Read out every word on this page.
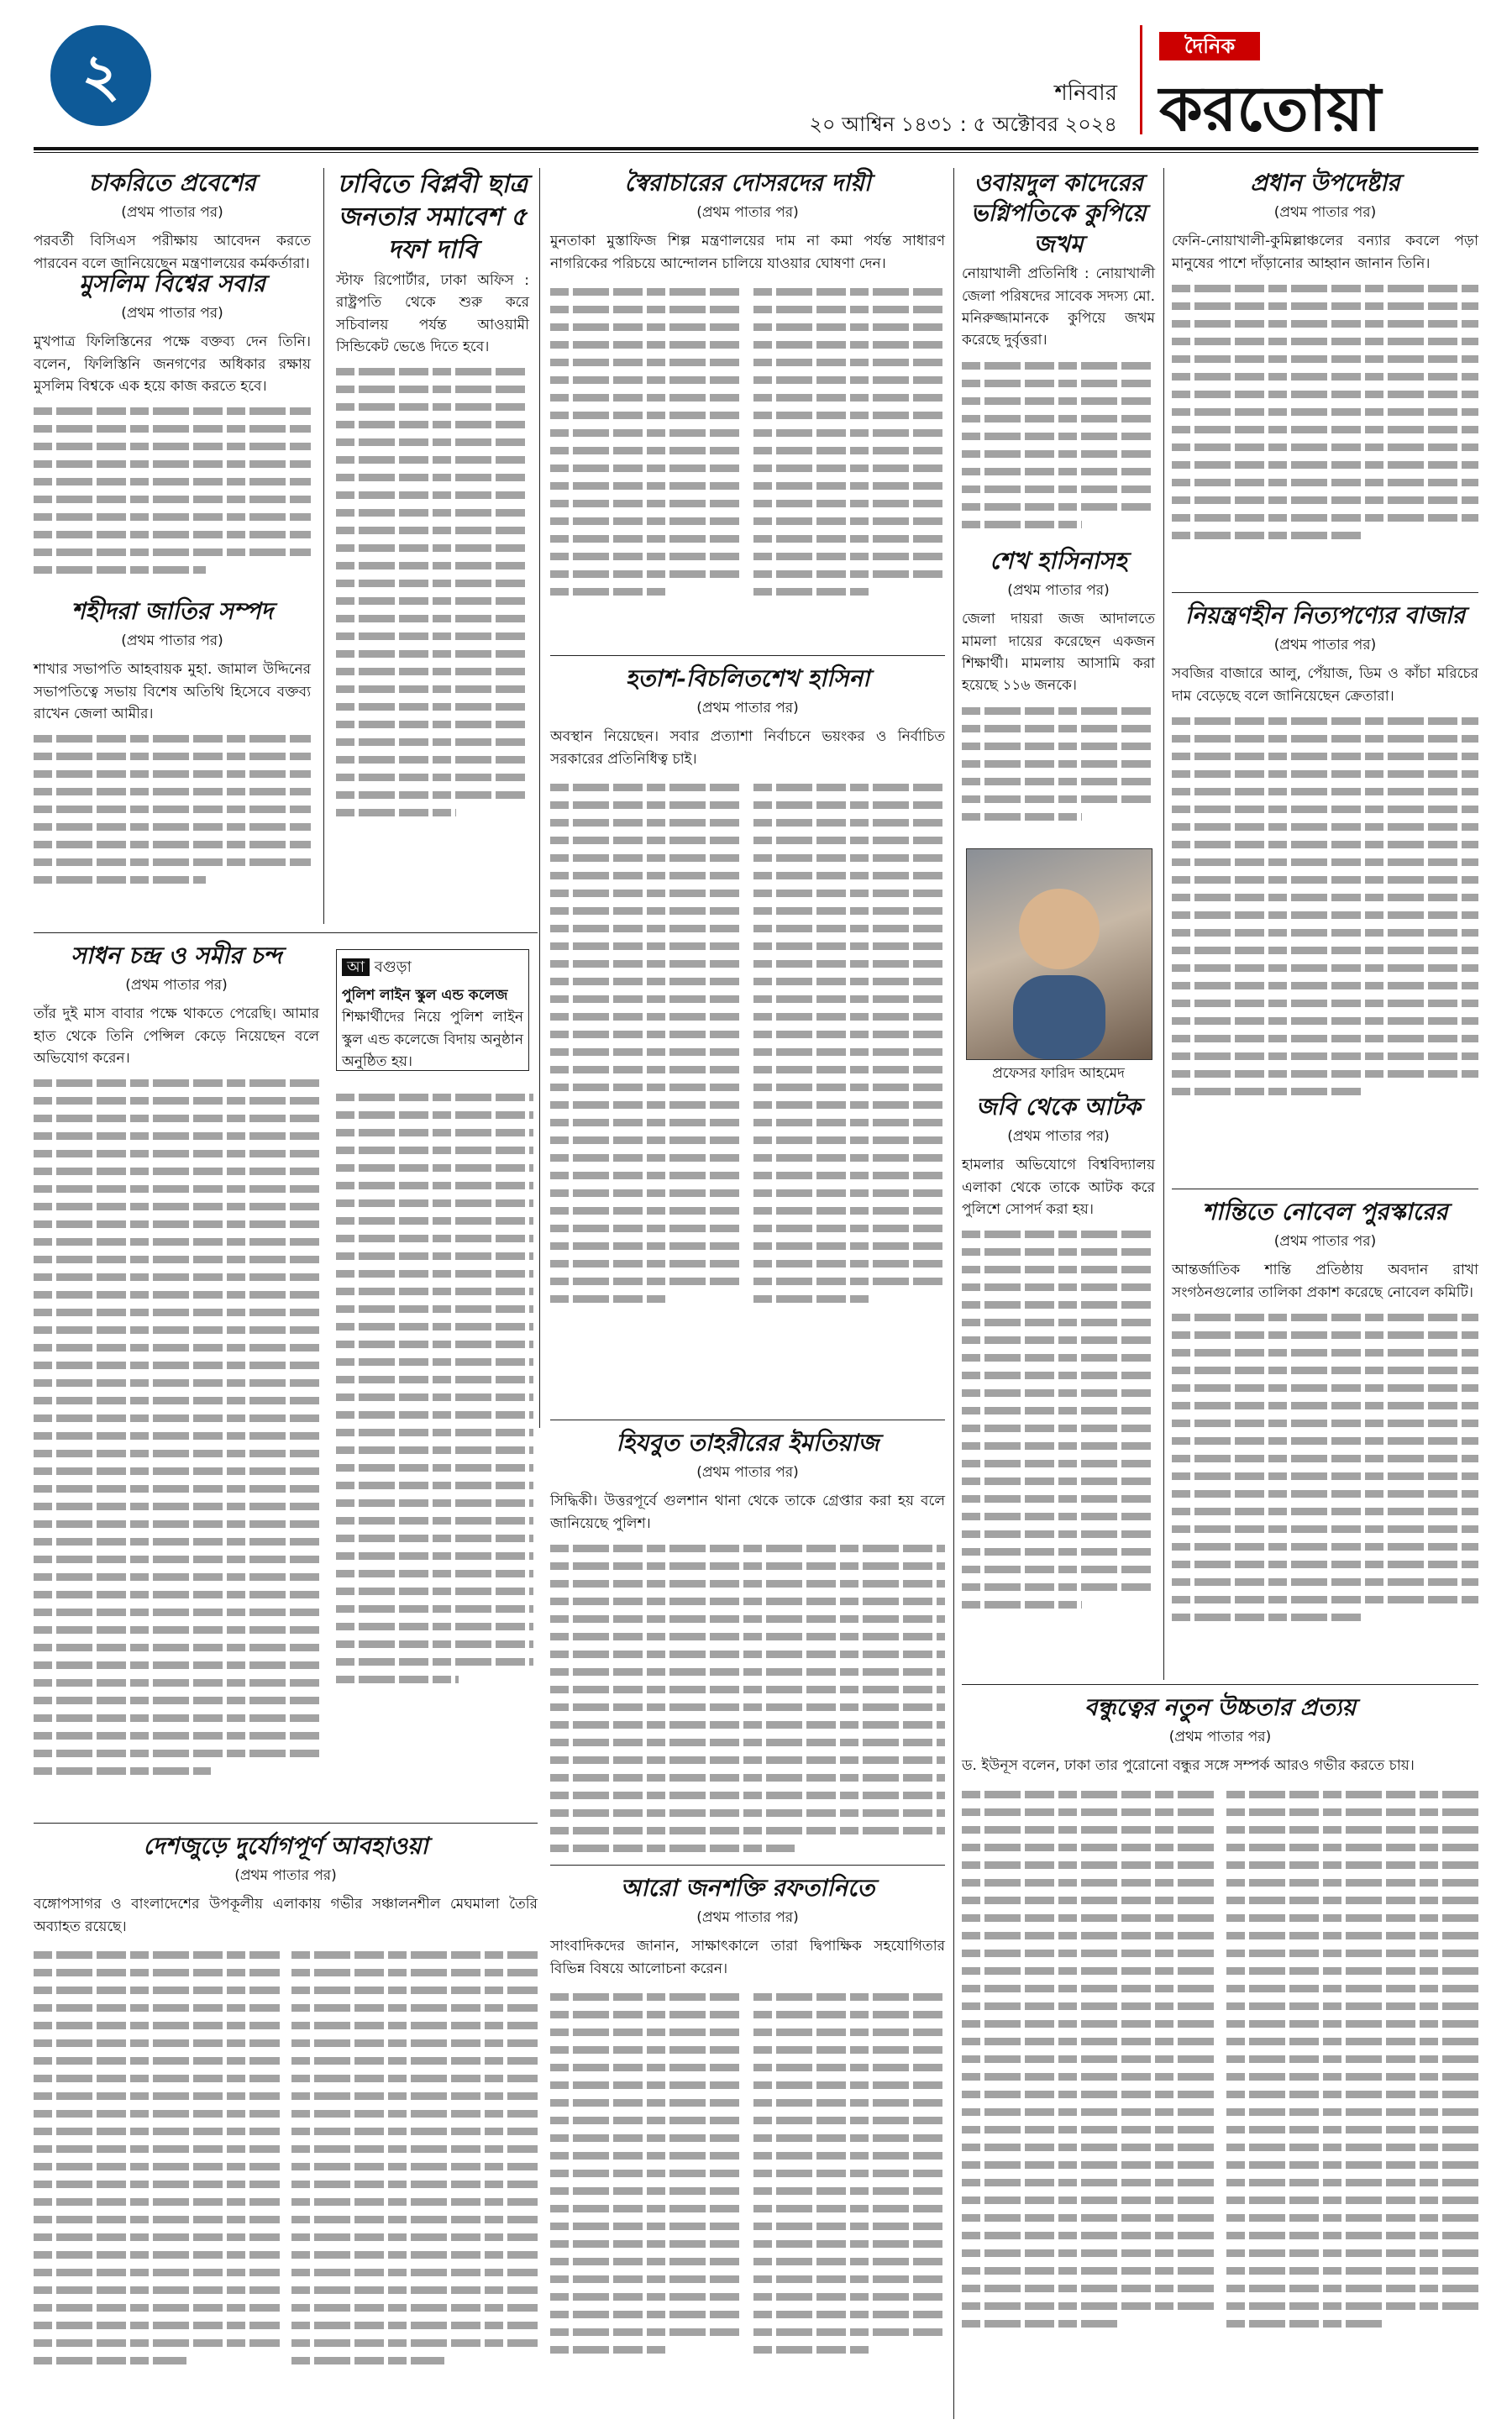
২	শনিবার
২০ আশ্বিন ১৪৩১ : ৫ অক্টোবর ২০২৪
দৈনিক
করতোয়া
চাকরিতে প্রবেশের
(প্রথম পাতার পর)

পরবর্তী বিসিএস পরীক্ষায় আবেদন করতে পারবেন বলে জানিয়েছেন মন্ত্রণালয়ের কর্মকর্তারা।

মুসলিম বিশ্বের সবার
(প্রথম পাতার পর)

মুখপাত্র ফিলিস্তিনের পক্ষে বক্তব্য দেন তিনি। বলেন, ফিলিস্তিনি জনগণের অধিকার রক্ষায় মুসলিম বিশ্বকে এক হয়ে কাজ করতে হবে।

শহীদরা জাতির সম্পদ
(প্রথম পাতার পর)

শাখার সভাপতি আহবায়ক মুহা. জামাল উদ্দিনের সভাপতিত্বে সভায় বিশেষ অতিথি হিসেবে বক্তব্য রাখেন জেলা আমীর।

ঢাবিতে বিপ্লবী ছাত্র জনতার সমাবেশ ৫ দফা দাবি

স্টাফ রিপোর্টার, ঢাকা অফিস : রাষ্ট্রপতি থেকে শুরু করে সচিবালয় পর্যন্ত আওয়ামী সিন্ডিকেট ভেঙে দিতে হবে।

আ বগুড়া

পুলিশ লাইন স্কুল এন্ড কলেজ

শিক্ষার্থীদের নিয়ে পুলিশ লাইন স্কুল এন্ড কলেজে বিদায় অনুষ্ঠান অনুষ্ঠিত হয়।

সাধন চন্দ্র ও সমীর চন্দ
(প্রথম পাতার পর)

তাঁর দুই মাস বাবার পক্ষে থাকতে পেরেছি। আমার হাত থেকে তিনি পেন্সিল কেড়ে নিয়েছেন বলে অভিযোগ করেন।

দেশজুড়ে দুর্যোগপূর্ণ আবহাওয়া
(প্রথম পাতার পর)

বঙ্গোপসাগর ও বাংলাদেশের উপকূলীয় এলাকায় গভীর সঞ্চালনশীল মেঘমালা তৈরি অব্যাহত রয়েছে।

স্বৈরাচারের দোসরদের দায়ী
(প্রথম পাতার পর)

মুনতাকা মুস্তাফিজ শিল্প মন্ত্রণালয়ের দাম না কমা পর্যন্ত সাধারণ নাগরিকের পরিচয়ে আন্দোলন চালিয়ে যাওয়ার ঘোষণা দেন।

হতাশ-বিচলিতশেখ হাসিনা
(প্রথম পাতার পর)

অবস্থান নিয়েছেন। সবার প্রত্যাশা নির্বাচনে ভয়ংকর ও নির্বাচিত সরকারের প্রতিনিধিত্ব চাই।

হিযবুত তাহরীরের ইমতিয়াজ
(প্রথম পাতার পর)

সিদ্ধিকী। উত্তরপূর্বে গুলশান থানা থেকে তাকে গ্রেপ্তার করা হয় বলে জানিয়েছে পুলিশ।

আরো জনশক্তি রফতানিতে
(প্রথম পাতার পর)

সাংবাদিকদের জানান, সাক্ষাৎকালে তারা দ্বিপাক্ষিক সহযোগিতার বিভিন্ন বিষয়ে আলোচনা করেন।

ওবায়দুল কাদেরের ভগ্নিপতিকে কুপিয়ে জখম

নোয়াখালী প্রতিনিধি : নোয়াখালী জেলা পরিষদের সাবেক সদস্য মো. মনিরুজ্জামানকে কুপিয়ে জখম করেছে দুর্বৃত্তরা।

শেখ হাসিনাসহ
(প্রথম পাতার পর)

জেলা দায়রা জজ আদালতে মামলা দায়ের করেছেন একজন শিক্ষার্থী। মামলায় আসামি করা হয়েছে ১১৬ জনকে।

প্রফেসর ফারিদ আহমেদ
জবি থেকে আটক
(প্রথম পাতার পর)

হামলার অভিযোগে বিশ্ববিদ্যালয় এলাকা থেকে তাকে আটক করে পুলিশে সোপর্দ করা হয়।

প্রধান উপদেষ্টার
(প্রথম পাতার পর)

ফেনি-নোয়াখালী-কুমিল্লাঞ্চলের বন্যার কবলে পড়া মানুষের পাশে দাঁড়ানোর আহ্বান জানান তিনি।

নিয়ন্ত্রণহীন নিত্যপণ্যের বাজার
(প্রথম পাতার পর)

সবজির বাজারে আলু, পেঁয়াজ, ডিম ও কাঁচা মরিচের দাম বেড়েছে বলে জানিয়েছেন ক্রেতারা।

শান্তিতে নোবেল পুরস্কারের
(প্রথম পাতার পর)

আন্তর্জাতিক শান্তি প্রতিষ্ঠায় অবদান রাখা সংগঠনগুলোর তালিকা প্রকাশ করেছে নোবেল কমিটি।

বন্ধুত্বের নতুন উচ্চতার প্রত্যয়
(প্রথম পাতার পর)

ড. ইউনূস বলেন, ঢাকা তার পুরোনো বন্ধুর সঙ্গে সম্পর্ক আরও গভীর করতে চায়।
